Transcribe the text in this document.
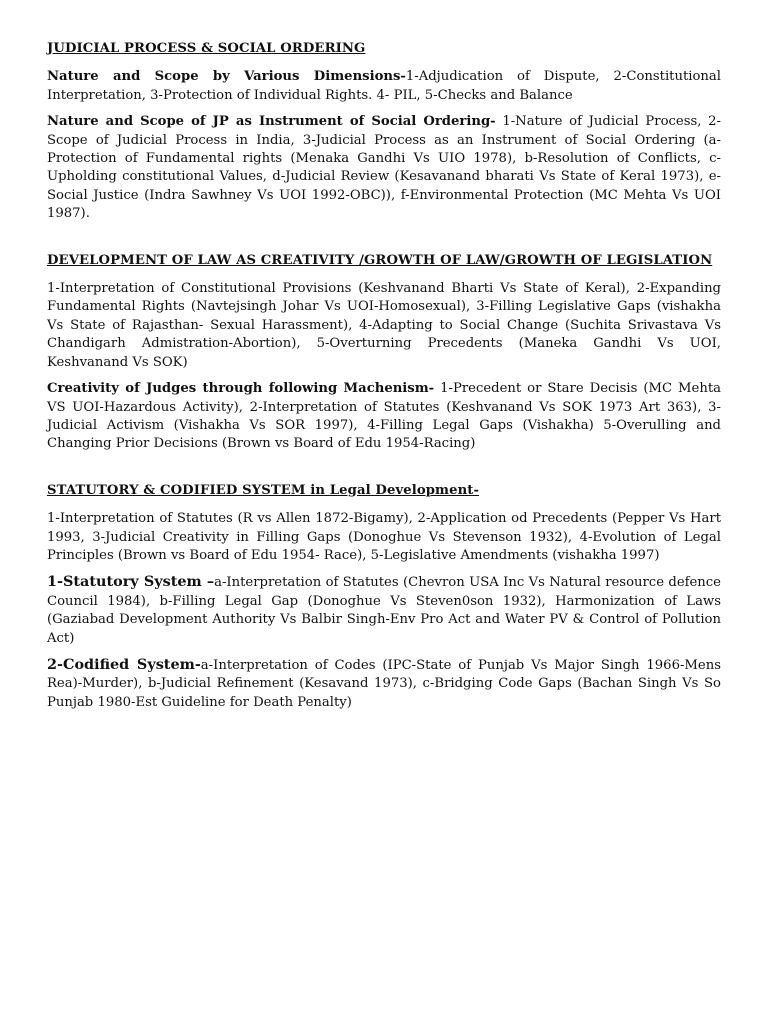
JUDICIAL PROCESS & SOCIAL ORDERING

Nature and Scope by Various Dimensions-1-Adjudication of Dispute, 2-Constitutional Interpretation, 3-Protection of Individual Rights. 4- PIL, 5-Checks and Balance

Nature and Scope of JP as Instrument of Social Ordering- 1-Nature of Judicial Process, 2-Scope of Judicial Process in India, 3-Judicial Process as an Instrument of Social Ordering (a-Protection of Fundamental rights (Menaka Gandhi Vs UIO 1978), b-Resolution of Conflicts, c-Upholding constitutional Values, d-Judicial Review (Kesavanand bharati Vs State of Keral 1973), e-Social Justice (Indra Sawhney Vs UOI 1992-OBC)), f-Environmental Protection (MC Mehta Vs UOI 1987).

DEVELOPMENT OF LAW AS CREATIVITY /GROWTH OF LAW/GROWTH OF LEGISLATION

1-Interpretation of Constitutional Provisions (Keshvanand Bharti Vs State of Keral), 2-Expanding Fundamental Rights (Navtejsingh Johar Vs UOI-Homosexual), 3-Filling Legislative Gaps (vishakha Vs State of Rajasthan- Sexual Harassment), 4-Adapting to Social Change (Suchita Srivastava Vs Chandigarh Admistration-Abortion), 5-Overturning Precedents (Maneka Gandhi Vs UOI, Keshvanand Vs SOK)

Creativity of Judges through following Machenism- 1-Precedent or Stare Decisis (MC Mehta VS UOI-Hazardous Activity), 2-Interpretation of Statutes (Keshvanand Vs SOK 1973 Art 363), 3-Judicial Activism (Vishakha Vs SOR 1997), 4-Filling Legal Gaps (Vishakha) 5-Overulling and Changing Prior Decisions (Brown vs Board of Edu 1954-Racing)

STATUTORY & CODIFIED SYSTEM in Legal Development-

1-Interpretation of Statutes (R vs Allen 1872-Bigamy), 2-Application od Precedents (Pepper Vs Hart 1993, 3-Judicial Creativity in Filling Gaps (Donoghue Vs Stevenson 1932), 4-Evolution of Legal Principles (Brown vs Board of Edu 1954- Race), 5-Legislative Amendments (vishakha 1997)

1-Statutory System –a-Interpretation of Statutes (Chevron USA Inc Vs Natural resource defence Council 1984), b-Filling Legal Gap (Donoghue Vs Steven0son 1932), Harmonization of Laws (Gaziabad Development Authority Vs Balbir Singh-Env Pro Act and Water PV & Control of Pollution Act)

2-Codified System-a-Interpretation of Codes (IPC-State of Punjab Vs Major Singh 1966-Mens Rea)-Murder), b-Judicial Refinement (Kesavand 1973), c-Bridging Code Gaps (Bachan Singh Vs So Punjab 1980-Est Guideline for Death Penalty)
